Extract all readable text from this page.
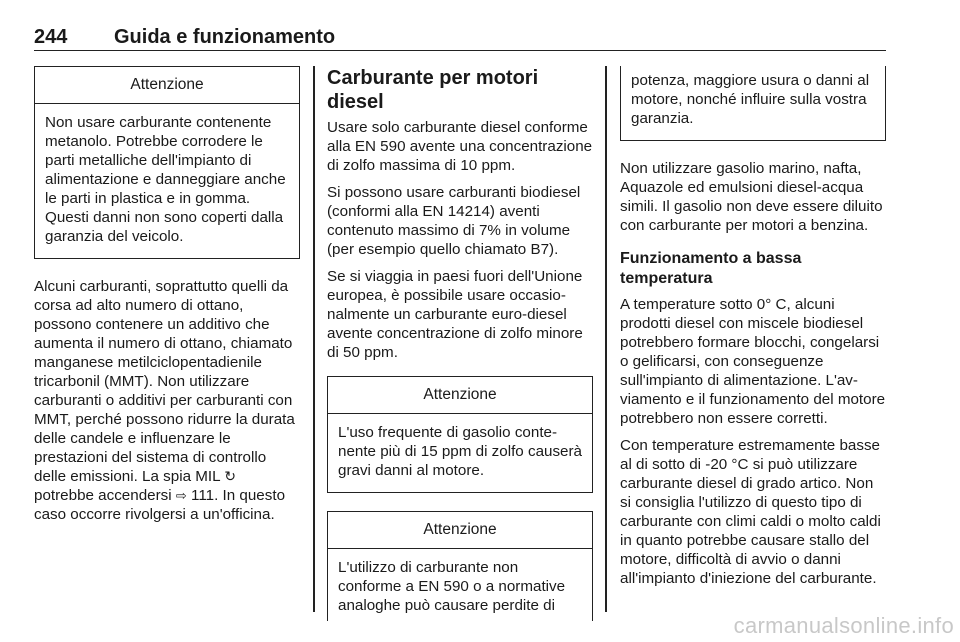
244 Guida e funzionamento
Attenzione
Non usare carburante contenente metanolo. Potrebbe corrodere le parti metalliche dell'impianto di alimentazione e danneggiare anche le parti in plastica e in gomma. Questi danni non sono coperti dalla garanzia del veicolo.

Alcuni carburanti, soprattutto quelli da corsa ad alto numero di ottano, possono contenere un additivo che aumenta il numero di ottano, chiamato manganese metilciclopentadienile tricarbonil (MMT). Non utilizzare carburanti o additivi per carburanti con MMT, perché possono ridurre la durata delle candele e influenzare le prestazioni del sistema di controllo delle emissioni. La spia MIL ↻ potrebbe accendersi ⇨ 111. In questo caso occorre rivolgersi a un'officina.

Carburante per motori diesel

Usare solo carburante diesel conforme alla EN 590 avente una concentrazione di zolfo massima di 10 ppm.

Si possono usare carburanti biodiesel (conformi alla EN 14214) aventi contenuto massimo di 7% in volume (per esempio quello chiamato B7).

Se si viaggia in paesi fuori dell'Unione europea, è possibile usare occasionalmente un carburante euro-diesel avente concentrazione di zolfo minore di 50 ppm.

Attenzione
L'uso frequente di gasolio contenente più di 15 ppm di zolfo causerà gravi danni al motore.
Attenzione
L'utilizzo di carburante non conforme a EN 590 o a normative analoghe può causare perdite di
potenza, maggiore usura o danni al motore, nonché influire sulla vostra garanzia.

Non utilizzare gasolio marino, nafta, Aquazole ed emulsioni diesel-acqua simili. Il gasolio non deve essere diluito con carburante per motori a benzina.

Funzionamento a bassa temperatura

A temperature sotto 0° C, alcuni prodotti diesel con miscele biodiesel potrebbero formare blocchi, congelarsi o gelificarsi, con conseguenze sull'impianto di alimentazione. L'avviamento e il funzionamento del motore potrebbero non essere corretti.

Con temperature estremamente basse al di sotto di -20 °C si può utilizzare carburante diesel di grado artico. Non si consiglia l'utilizzo di questo tipo di carburante con climi caldi o molto caldi in quanto potrebbe causare stallo del motore, difficoltà di avvio o danni all'impianto d'iniezione del carburante.

carmanualsonline.info
